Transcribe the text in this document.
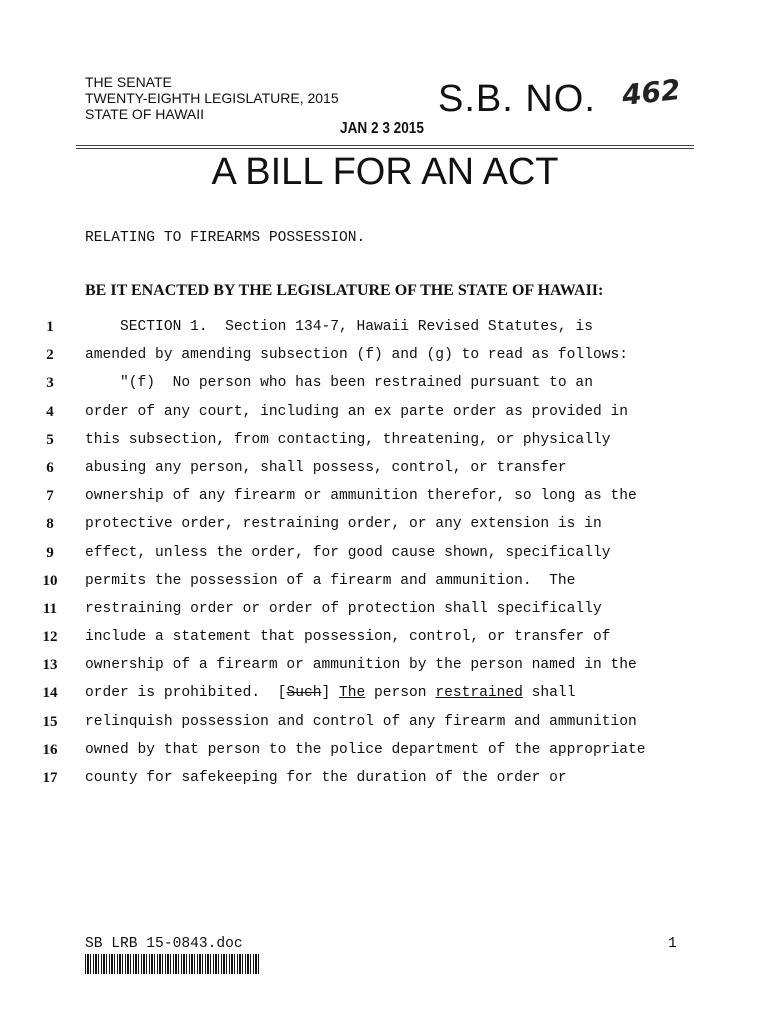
THE SENATE
TWENTY-EIGHTH LEGISLATURE, 2015
STATE OF HAWAII	S.B. NO. 462
JAN 2 3 2015
A BILL FOR AN ACT
RELATING TO FIREARMS POSSESSION.
BE IT ENACTED BY THE LEGISLATURE OF THE STATE OF HAWAII:
1	SECTION 1.  Section 134-7, Hawaii Revised Statutes, is
2	amended by amending subsection (f) and (g) to read as follows:
3	"(f)  No person who has been restrained pursuant to an
4	order of any court, including an ex parte order as provided in
5	this subsection, from contacting, threatening, or physically
6	abusing any person, shall possess, control, or transfer
7	ownership of any firearm or ammunition therefor, so long as the
8	protective order, restraining order, or any extension is in
9	effect, unless the order, for good cause shown, specifically
10	permits the possession of a firearm and ammunition.  The
11	restraining order or order of protection shall specifically
12	include a statement that possession, control, or transfer of
13	ownership of a firearm or ammunition by the person named in the
14	order is prohibited.  [Such] The person restrained shall
15	relinquish possession and control of any firearm and ammunition
16	owned by that person to the police department of the appropriate
17	county for safekeeping for the duration of the order or
SB LRB 15-0843.doc	1
